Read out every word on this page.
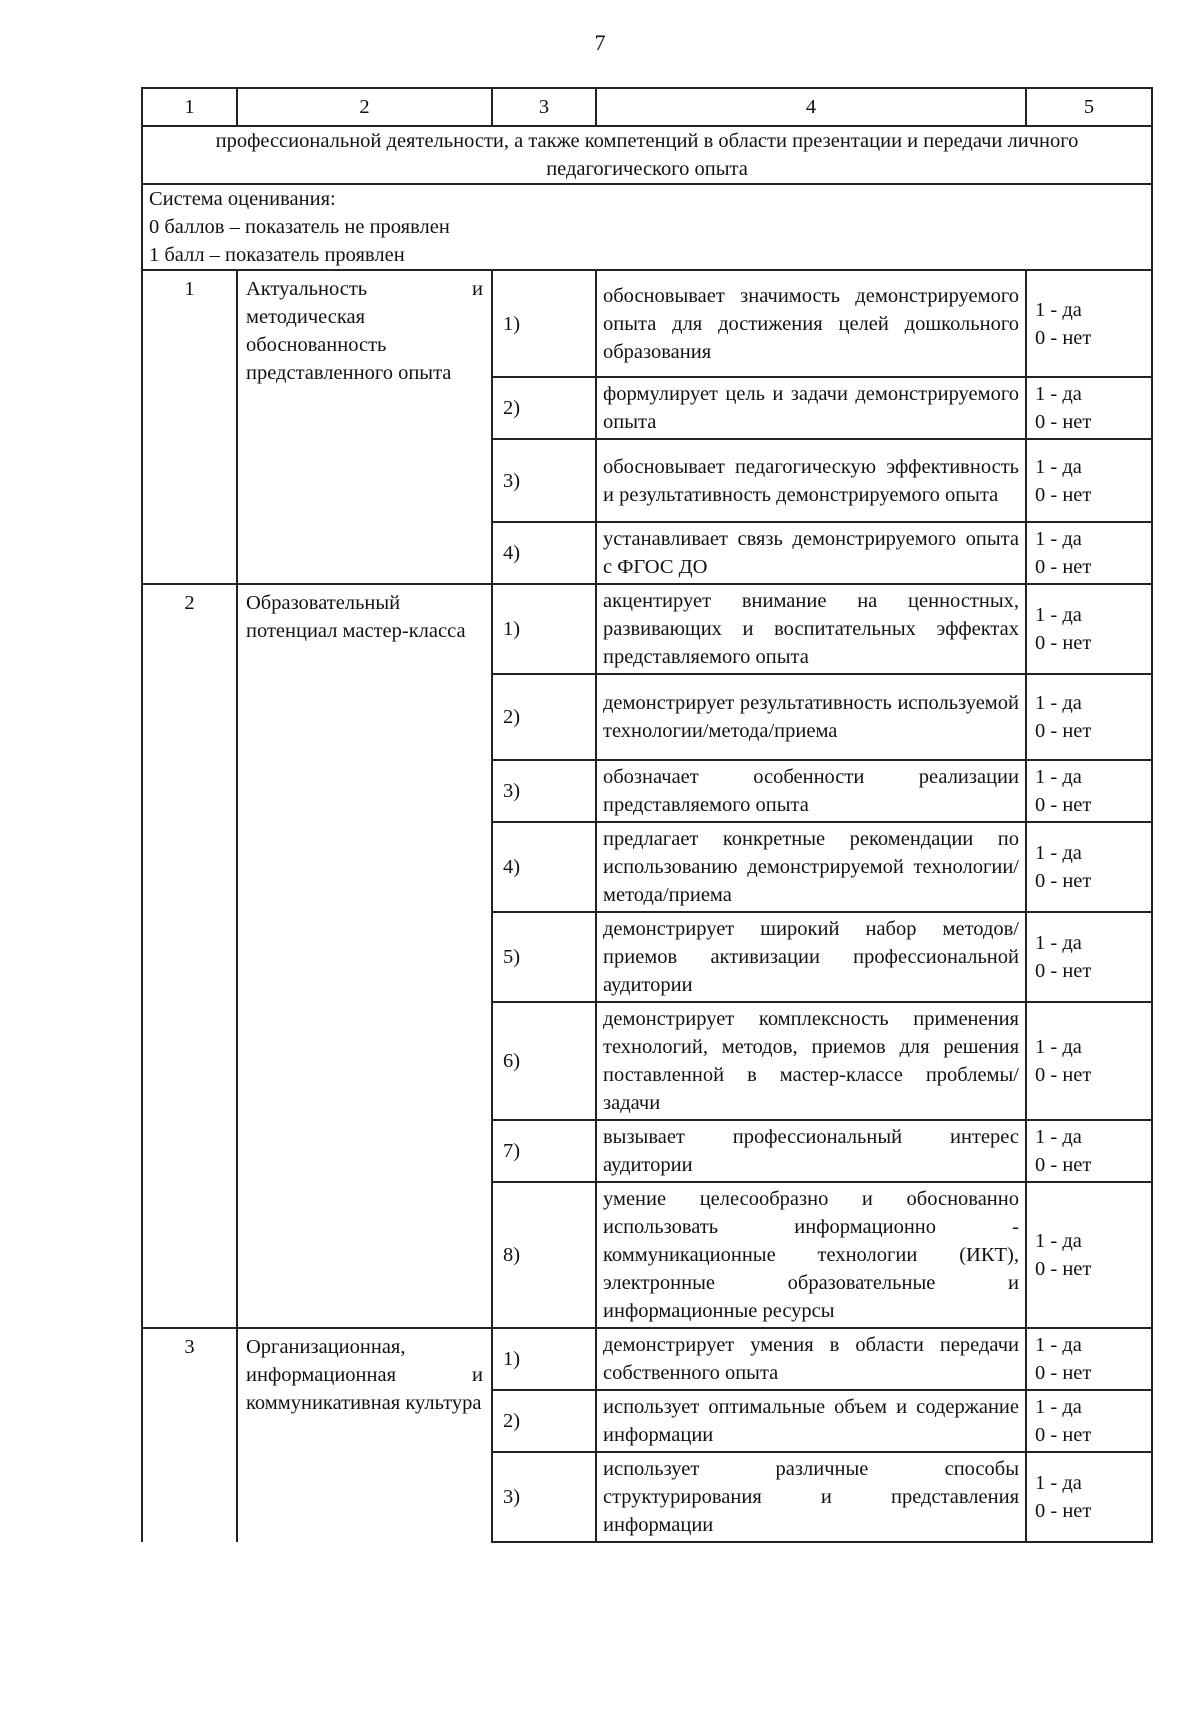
7
1	2	3	4	5
профессиональной деятельности, а также компетенций в области презентации и передачи личного педагогического опыта				

Система оценивания:
0 баллов – показатель не проявлен
1 балл – показатель проявлен				

1	Актуальность и методическая обоснованность представленного опыта	1)	обосновывает значимость демонстрируемого опыта для достижения целей дошкольного образования	1 - да
0 - нет

		2)	формулирует цель и задачи демонстрируемого опыта	1 - да
0 - нет

		3)	обосновывает педагогическую эффективность и результативность демонстрируемого опыта	1 - да
0 - нет

		4)	устанавливает связь демонстрируемого опыта с ФГОС ДО	1 - да
0 - нет

2	Образовательный потенциал мастер-класса	1)	акцентирует внимание на ценностных, развивающих и воспитательных эффектах представляемого опыта	1 - да
0 - нет

		2)	демонстрирует результативность используемой технологии/метода/приема	1 - да
0 - нет

		3)	обозначает особенности реализации представляемого опыта	1 - да
0 - нет

		4)	предлагает конкретные рекомендации по использованию демонстрируемой технологии/метода/приема	1 - да
0 - нет

		5)	демонстрирует широкий набор методов/приемов активизации профессиональной аудитории	1 - да
0 - нет

		6)	демонстрирует комплексность применения технологий, методов, приемов для решения поставленной в мастер-классе проблемы/задачи	1 - да
0 - нет

		7)	вызывает профессиональный интерес аудитории	1 - да
0 - нет

		8)	умение целесообразно и обоснованно использовать информационно - коммуникационные технологии (ИКТ), электронные образовательные и информационные ресурсы	1 - да
0 - нет

3	Организационная, информационная и коммуникативная культура	1)	демонстрирует умения в области передачи собственного опыта	1 - да
0 - нет

		2)	использует оптимальные объем и содержание информации	1 - да
0 - нет

		3)	использует различные способы структурирования и представления информации	1 - да
0 - нет
